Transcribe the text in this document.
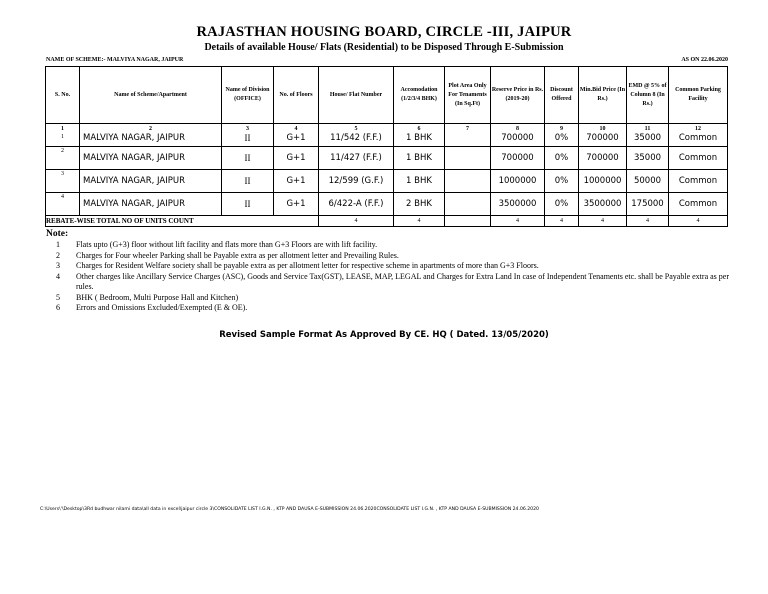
RAJASTHAN HOUSING BOARD, CIRCLE -III, JAIPUR
Details of available House/ Flats (Residential) to be Disposed Through E-Submission
NAME OF SCHEME:- MALVIYA NAGAR, JAIPUR	AS ON 22.06.2020
S. No.	Name of Scheme/Apartment	Name of Division (OFFICE)	No. of Floors	House/ Flat Number	Accomodation (1/2/3/4 BHK)	Plot Area Only For Tenaments (In Sq.Ft)	Reserve Price in Rs. (2019-20)	Discount Offered	Min.Bid Price (In Rs.)	EMD @ 5% of Column 8 (In Rs.)	Common Parking Facility
1	2	3	4	5	6	7	8	9	10	11	12
1	MALVIYA NAGAR, JAIPUR	II	G+1	11/542 (F.F.)	1 BHK		700000	0%	700000	35000	Common
2	MALVIYA NAGAR, JAIPUR	II	G+1	11/427 (F.F.)	1 BHK		700000	0%	700000	35000	Common
3	MALVIYA NAGAR, JAIPUR	II	G+1	12/599 (G.F.)	1 BHK		1000000	0%	1000000	50000	Common
4	MALVIYA NAGAR, JAIPUR	II	G+1	6/422-A (F.F.)	2 BHK		3500000	0%	3500000	175000	Common
REBATE-WISE TOTAL NO OF UNITS COUNT				4	4		4	4	4	4	4
Note:
1	Flats upto (G+3) floor without lift facility and flats more than G+3 Floors are with lift facility.
2	Charges for Four wheeler Parking shall be Payable extra as per allotment letter and Prevailing Rules.
3	Charges for Resident Welfare society shall be payable extra as per allotment letter for respective scheme in apartments of more than G+3 Floors.
4	Other charges like Ancillary Service Charges (ASC), Goods and Service Tax(GST), LEASE, MAP, LEGAL and Charges for Extra Land In case of Independent Tenaments etc. shall be Payable extra as per rules.
5	BHK ( Bedroom, Multi Purpose Hall and Kitchen)
6	Errors and Omissions Excluded/Exempted (E & OE).
Revised Sample Format As Approved By CE. HQ ( Dated. 13/05/2020)
C:\Users\'\Desktop\3Rd budhwar nilami data\all data in excel\jaipur circle 3\CONSOLIDATE LIST I.G.N. , KTP AND DAUSA E-SUBMISSION 24.06.2020CONSOLIDATE LIST I.G.N. , KTP AND DAUSA E-SUBMISSION 24.06.2020
